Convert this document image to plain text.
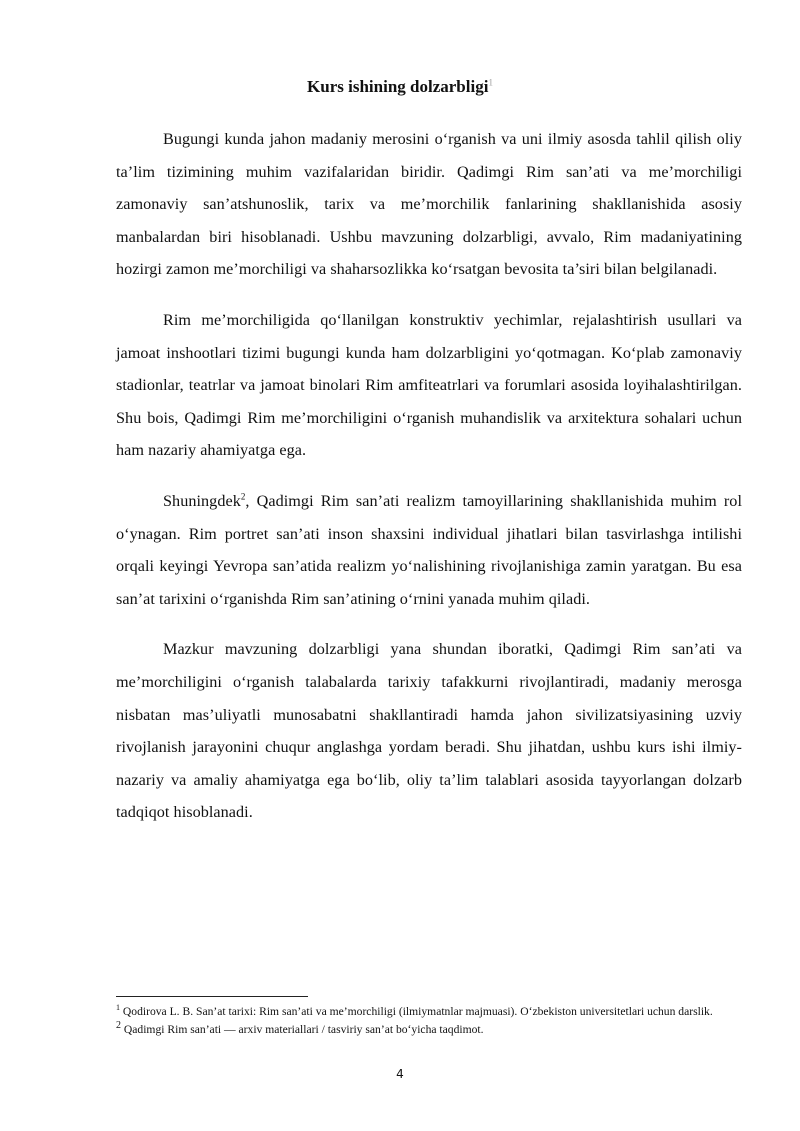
Kurs ishining dolzarbligi$^1$

Bugungi kunda jahon madaniy merosini o‘rganish va uni ilmiy asosda tahlil qilish oliy ta’lim tizimining muhim vazifalaridan biridir. Qadimgi Rim san’ati va me’morchiligi zamonaviy san’atshunoslik, tarix va me’morchilik fanlarining shakllanishida asosiy manbalardan biri hisoblanadi. Ushbu mavzuning dolzarbligi, avvalo, Rim madaniyatining hozirgi zamon me’morchiligi va shaharsozlikka ko‘rsatgan bevosita ta’siri bilan belgilanadi.

Rim me’morchiligida qo‘llanilgan konstruktiv yechimlar, rejalashtirish usullari va jamoat inshootlari tizimi bugungi kunda ham dolzarbligini yo‘qotmagan. Ko‘plab zamonaviy stadionlar, teatrlar va jamoat binolari Rim amfiteatrlari va forumlari asosida loyihalashtirilgan. Shu bois, Qadimgi Rim me’morchiligini o‘rganish muhandislik va arxitektura sohalari uchun ham nazariy ahamiyatga ega.

Shuningdek$^2$, Qadimgi Rim san’ati realizm tamoyillarining shakllanishida muhim rol o‘ynagan. Rim portret san’ati inson shaxsini individual jihatlari bilan tasvirlashga intilishi orqali keyingi Yevropa san’atida realizm yo‘nalishining rivojlanishiga zamin yaratgan. Bu esa san’at tarixini o‘rganishda Rim san’atining o‘rnini yanada muhim qiladi.

Mazkur mavzuning dolzarbligi yana shundan iboratki, Qadimgi Rim san’ati va me’morchiligini o‘rganish talabalarda tarixiy tafakkurni rivojlantiradi, madaniy merosga nisbatan mas’uliyatli munosabatni shakllantiradi hamda jahon sivilizatsiyasining uzviy rivojlanish jarayonini chuqur anglashga yordam beradi. Shu jihatdan, ushbu kurs ishi ilmiy-nazariy va amaliy ahamiyatga ega bo‘lib, oliy ta’lim talablari asosida tayyorlangan dolzarb tadqiqot hisoblanadi.

$^1$ Qodirova L. B. San’at tarixi: Rim san’ati va me’morchiligi (ilmiymatnlar majmuasi). O‘zbekiston universitetlari uchun darslik.

$^2$ Qadimgi Rim san’ati — arxiv materiallari / tasviriy san’at bo‘yicha taqdimot.

4
